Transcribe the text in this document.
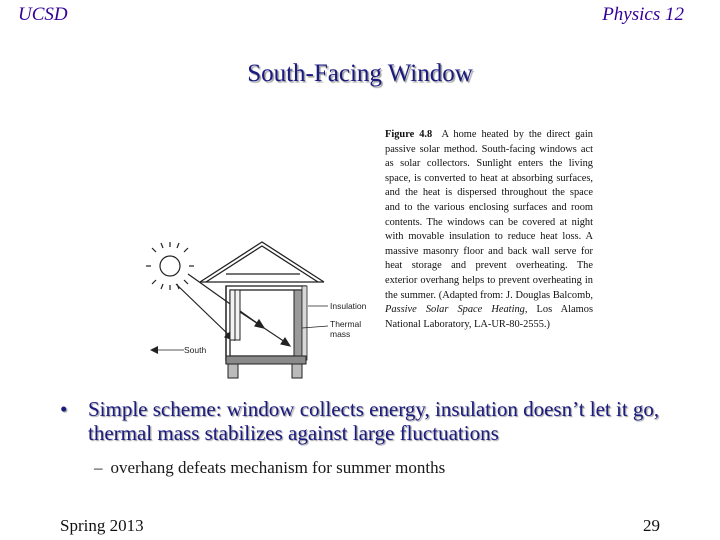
UCSD	Physics 12
South-Facing Window
Insulation
Thermal
mass
South
Figure 4.8 A home heated by the direct gain passive solar method. South-facing windows act as solar collectors. Sunlight enters the living space, is converted to heat at absorbing surfaces, and the heat is dispersed throughout the space and to the various enclosing surfaces and room contents. The windows can be covered at night with movable insulation to reduce heat loss. A massive masonry floor and back wall serve for heat storage and prevent overheating. The exterior overhang helps to prevent overheating in the summer. (Adapted from: J. Douglas Balcomb, Passive Solar Space Heating, Los Alamos National Laboratory, LA-UR-80-2555.)
• Simple scheme: window collects energy, insulation doesn’t let it go, thermal mass stabilizes against large fluctuations
– overhang defeats mechanism for summer months
Spring 2013	29
